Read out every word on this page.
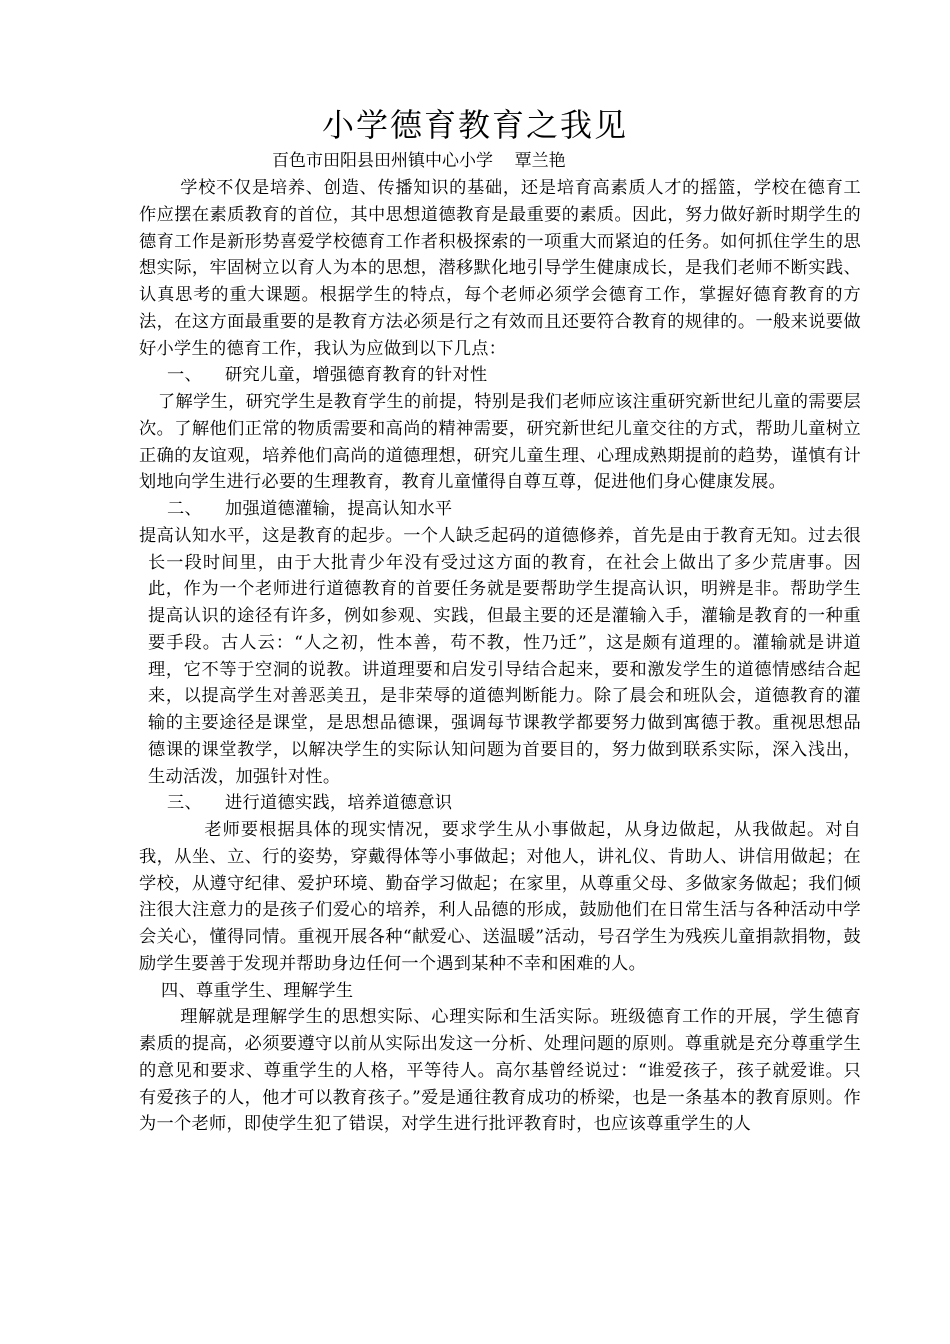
小学德育教育之我见

百色市田阳县田州镇中心小学    覃兰艳

学校不仅是培养、创造、传播知识的基础，还是培育高素质人才的摇篮，学校在德育工作应摆在素质教育的首位，其中思想道德教育是最重要的素质。因此，努力做好新时期学生的德育工作是新形势喜爱学校德育工作者积极探索的一项重大而紧迫的任务。如何抓住学生的思想实际，牢固树立以育人为本的思想，潜移默化地引导学生健康成长，是我们老师不断实践、认真思考的重大课题。根据学生的特点，每个老师必须学会德育工作，掌握好德育教育的方法，在这方面最重要的是教育方法必须是行之有效而且还要符合教育的规律的。一般来说要做好小学生的德育工作，我认为应做到以下几点：

一、 研究儿童，增强德育教育的针对性

了解学生，研究学生是教育学生的前提，特别是我们老师应该注重研究新世纪儿童的需要层次。了解他们正常的物质需要和高尚的精神需要，研究新世纪儿童交往的方式，帮助儿童树立正确的友谊观，培养他们高尚的道德理想，研究儿童生理、心理成熟期提前的趋势，谨慎有计划地向学生进行必要的生理教育，教育儿童懂得自尊互尊，促进他们身心健康发展。

二、 加强道德灌输，提高认知水平

提高认知水平，这是教育的起步。一个人缺乏起码的道德修养，首先是由于教育无知。过去很长一段时间里，由于大批青少年没有受过这方面的教育，在社会上做出了多少荒唐事。因此，作为一个老师进行道德教育的首要任务就是要帮助学生提高认识，明辨是非。帮助学生提高认识的途径有许多，例如参观、实践，但最主要的还是灌输入手，灌输是教育的一种重要手段。古人云：“人之初，性本善，苟不教，性乃迁”，这是颇有道理的。灌输就是讲道理，它不等于空洞的说教。讲道理要和启发引导结合起来，要和激发学生的道德情感结合起来，以提高学生对善恶美丑，是非荣辱的道德判断能力。除了晨会和班队会，道德教育的灌输的主要途径是课堂，是思想品德课，强调每节课教学都要努力做到寓德于教。重视思想品德课的课堂教学，以解决学生的实际认知问题为首要目的，努力做到联系实际，深入浅出，生动活泼，加强针对性。

三、 进行道德实践，培养道德意识

老师要根据具体的现实情况，要求学生从小事做起，从身边做起，从我做起。对自我，从坐、立、行的姿势，穿戴得体等小事做起；对他人，讲礼仪、肯助人、讲信用做起；在学校，从遵守纪律、爱护环境、勤奋学习做起；在家里，从尊重父母、多做家务做起；我们倾注很大注意力的是孩子们爱心的培养，利人品德的形成，鼓励他们在日常生活与各种活动中学会关心，懂得同情。重视开展各种“献爱心、送温暖”活动，号召学生为残疾儿童捐款捐物，鼓励学生要善于发现并帮助身边任何一个遇到某种不幸和困难的人。

四、尊重学生、理解学生

理解就是理解学生的思想实际、心理实际和生活实际。班级德育工作的开展，学生德育素质的提高，必须要遵守以前从实际出发这一分析、处理问题的原则。尊重就是充分尊重学生的意见和要求、尊重学生的人格，平等待人。高尔基曾经说过：“谁爱孩子，孩子就爱谁。只有爱孩子的人，他才可以教育孩子。”爱是通往教育成功的桥梁，也是一条基本的教育原则。作为一个老师，即使学生犯了错误，对学生进行批评教育时，也应该尊重学生的人
